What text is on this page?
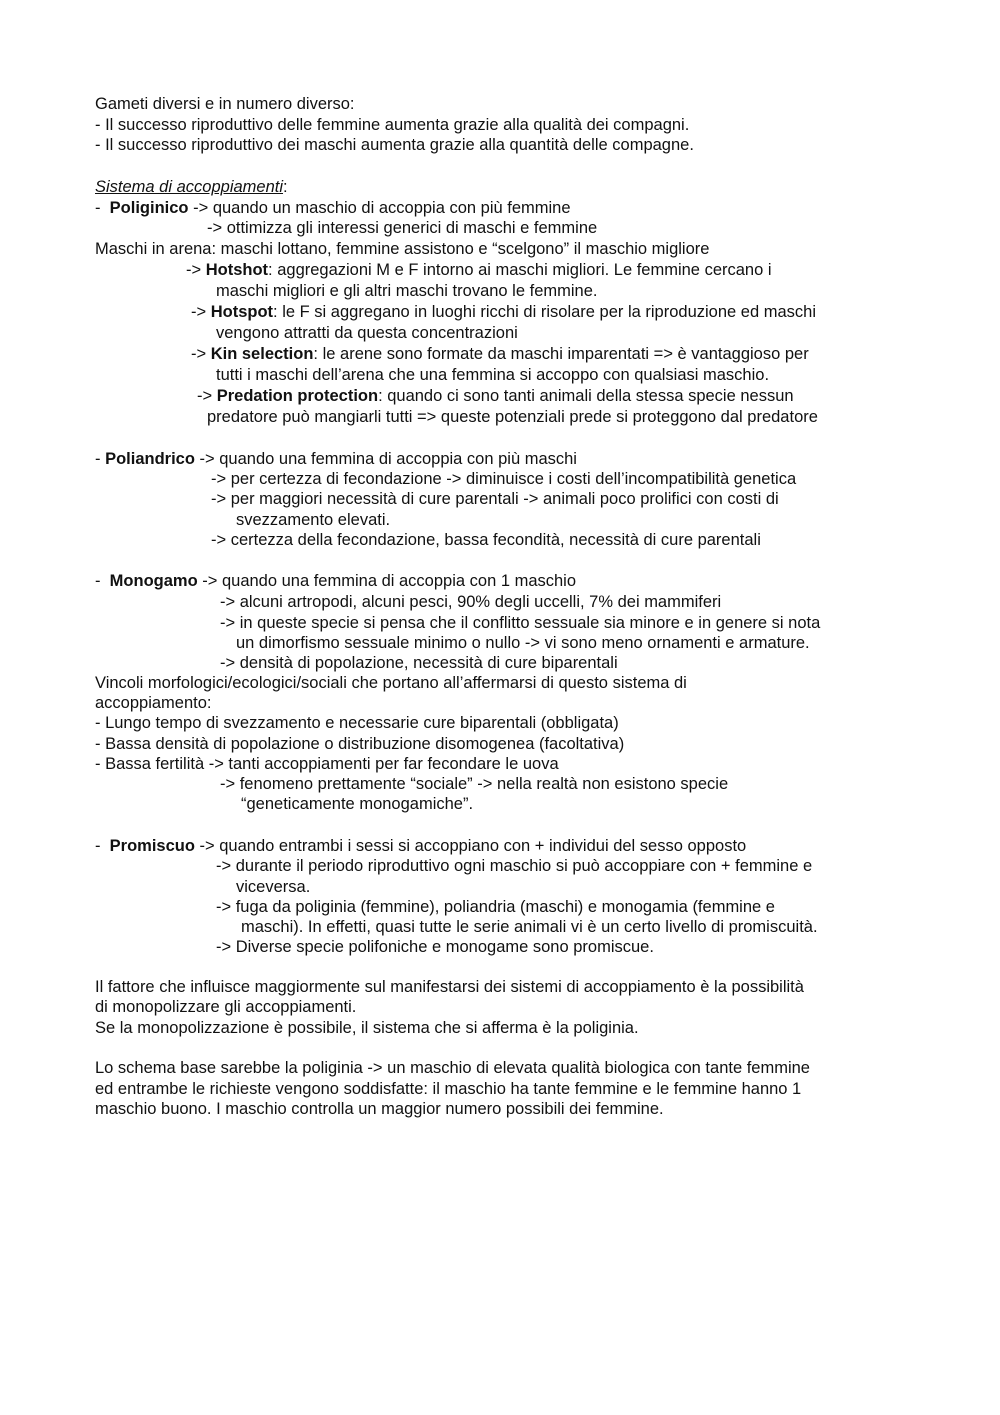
Gameti diversi e in numero diverso:
- Il successo riproduttivo delle femmine aumenta grazie alla qualità dei compagni.
- Il successo riproduttivo dei maschi aumenta grazie alla quantità delle compagne.
Sistema di accoppiamenti:
-  Poliginico -> quando un maschio di accoppia con più femmine
-> ottimizza gli interessi generici di maschi e femmine
Maschi in arena: maschi lottano, femmine assistono e “scelgono” il maschio migliore
-> Hotshot: aggregazioni M e F intorno ai maschi migliori. Le femmine cercano i
maschi migliori e gli altri maschi trovano le femmine.
-> Hotspot: le F si aggregano in luoghi ricchi di risolare per la riproduzione ed maschi
vengono attratti da questa concentrazioni
-> Kin selection: le arene sono formate da maschi imparentati => è vantaggioso per
tutti i maschi dell’arena che una femmina si accoppo con qualsiasi maschio.
-> Predation protection: quando ci sono tanti animali della stessa specie nessun
predatore può mangiarli tutti => queste potenziali prede si proteggono dal predatore
- Poliandrico -> quando una femmina di accoppia con più maschi
-> per certezza di fecondazione -> diminuisce i costi dell’incompatibilità genetica
-> per maggiori necessità di cure parentali -> animali poco prolifici con costi di
svezzamento elevati.
-> certezza della fecondazione, bassa fecondità, necessità di cure parentali
-  Monogamo -> quando una femmina di accoppia con 1 maschio
-> alcuni artropodi, alcuni pesci, 90% degli uccelli, 7% dei mammiferi
-> in queste specie si pensa che il conflitto sessuale sia minore e in genere si nota
un dimorfismo sessuale minimo o nullo -> vi sono meno ornamenti e armature.
-> densità di popolazione, necessità di cure biparentali
Vincoli morfologici/ecologici/sociali che portano all’affermarsi di questo sistema di
accoppiamento:
- Lungo tempo di svezzamento e necessarie cure biparentali (obbligata)
- Bassa densità di popolazione o distribuzione disomogenea (facoltativa)
- Bassa fertilità -> tanti accoppiamenti per far fecondare le uova
-> fenomeno prettamente “sociale” -> nella realtà non esistono specie
“geneticamente monogamiche”.
-  Promiscuo -> quando entrambi i sessi si accoppiano con + individui del sesso opposto
-> durante il periodo riproduttivo ogni maschio si può accoppiare con + femmine e
viceversa.
-> fuga da poliginia (femmine), poliandria (maschi) e monogamia (femmine e
maschi). In effetti, quasi tutte le serie animali vi è un certo livello di promiscuità.
-> Diverse specie polifoniche e monogame sono promiscue.
Il fattore che influisce maggiormente sul manifestarsi dei sistemi di accoppiamento è la possibilità
di monopolizzare gli accoppiamenti.
Se la monopolizzazione è possibile, il sistema che si afferma è la poliginia.
Lo schema base sarebbe la poliginia -> un maschio di elevata qualità biologica con tante femmine
ed entrambe le richieste vengono soddisfatte: il maschio ha tante femmine e le femmine hanno 1
maschio buono. I maschio controlla un maggior numero possibili dei femmine.
